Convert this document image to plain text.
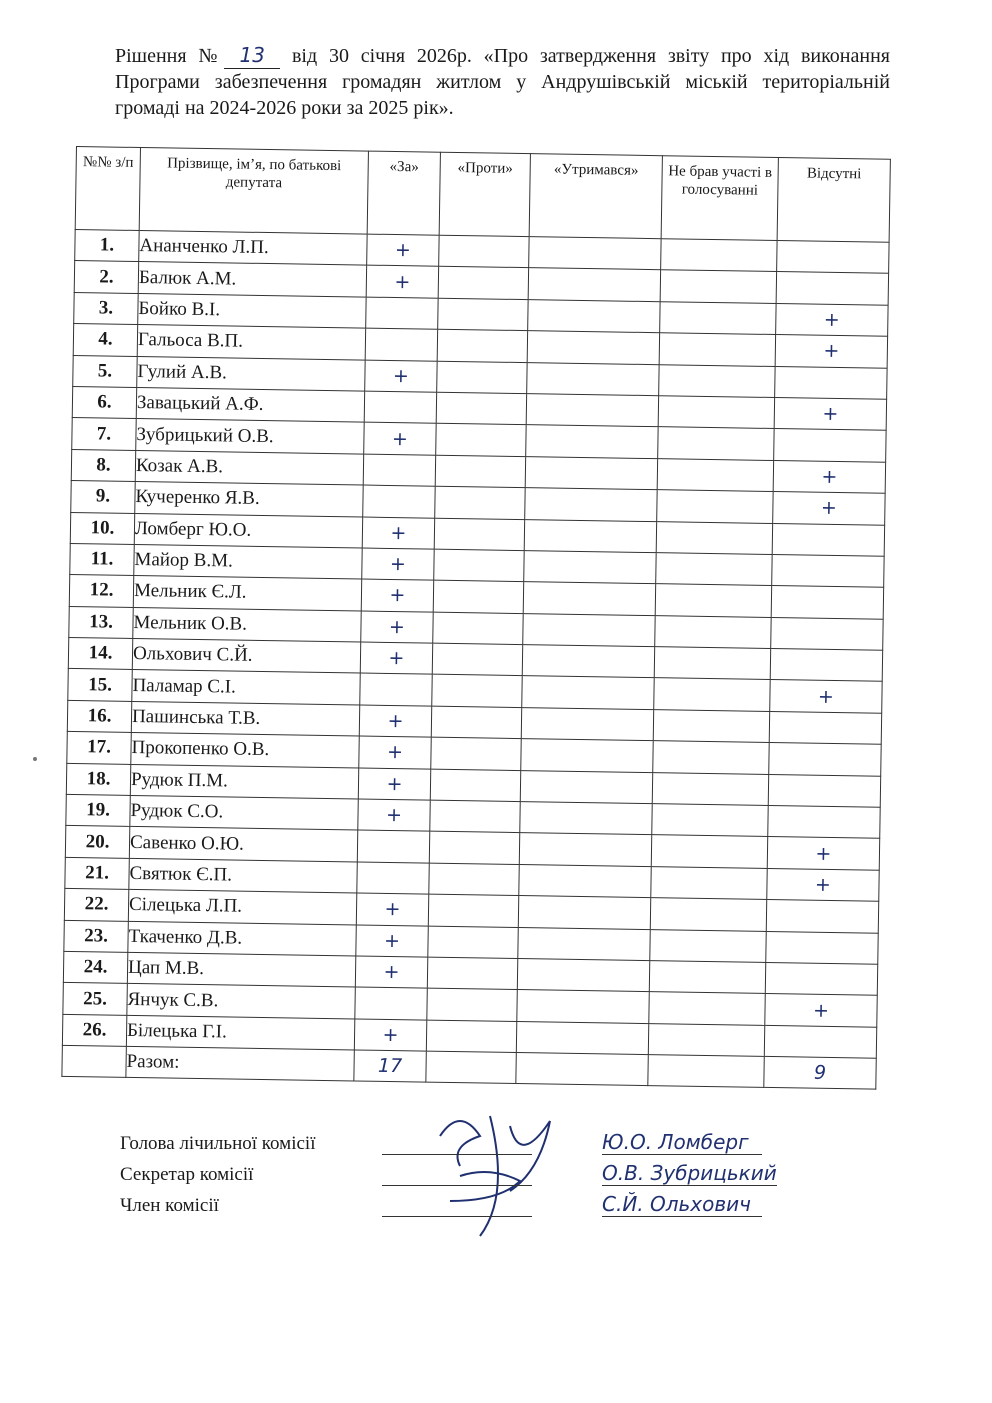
Рішення № 13 від 30 січня 2026р. «Про затвердження звіту про хід виконання Програми забезпечення громадян житлом у Андрушівській міській територіальній громаді на 2024-2026 роки за 2025 рік».
№№ з/п	Прізвище, ім’я, по батькові депутата	«За»	«Проти»	«Утримався»	Не брав участі в голосуванні	Відсутні
1.	Ананченко Л.П.	+				
2.	Балюк А.М.	+				
3.	Бойко В.І.					+
4.	Гальоса В.П.					+
5.	Гулий А.В.	+				
6.	Завацький А.Ф.					+
7.	Зубрицький О.В.	+				
8.	Козак А.В.					+
9.	Кучеренко Я.В.					+
10.	Ломберг Ю.О.	+				
11.	Майор В.М.	+				
12.	Мельник Є.Л.	+				
13.	Мельник О.В.	+				
14.	Ольхович С.Й.	+				
15.	Паламар С.І.					+
16.	Пашинська Т.В.	+				
17.	Прокопенко О.В.	+				
18.	Рудюк П.М.	+				
19.	Рудюк С.О.	+				
20.	Савенко О.Ю.					+
21.	Святюк Є.П.					+
22.	Сілецька Л.П.	+				
23.	Ткаченко Д.В.	+				
24.	Цап М.В.	+				
25.	Янчук С.В.					+
26.	Білецька Г.І.	+				
	Разом:	17				9
Голова лічильної комісії	Ю.О. Ломберг
Секретар комісії	О.В. Зубрицький
Член комісії	С.Й. Ольхович
